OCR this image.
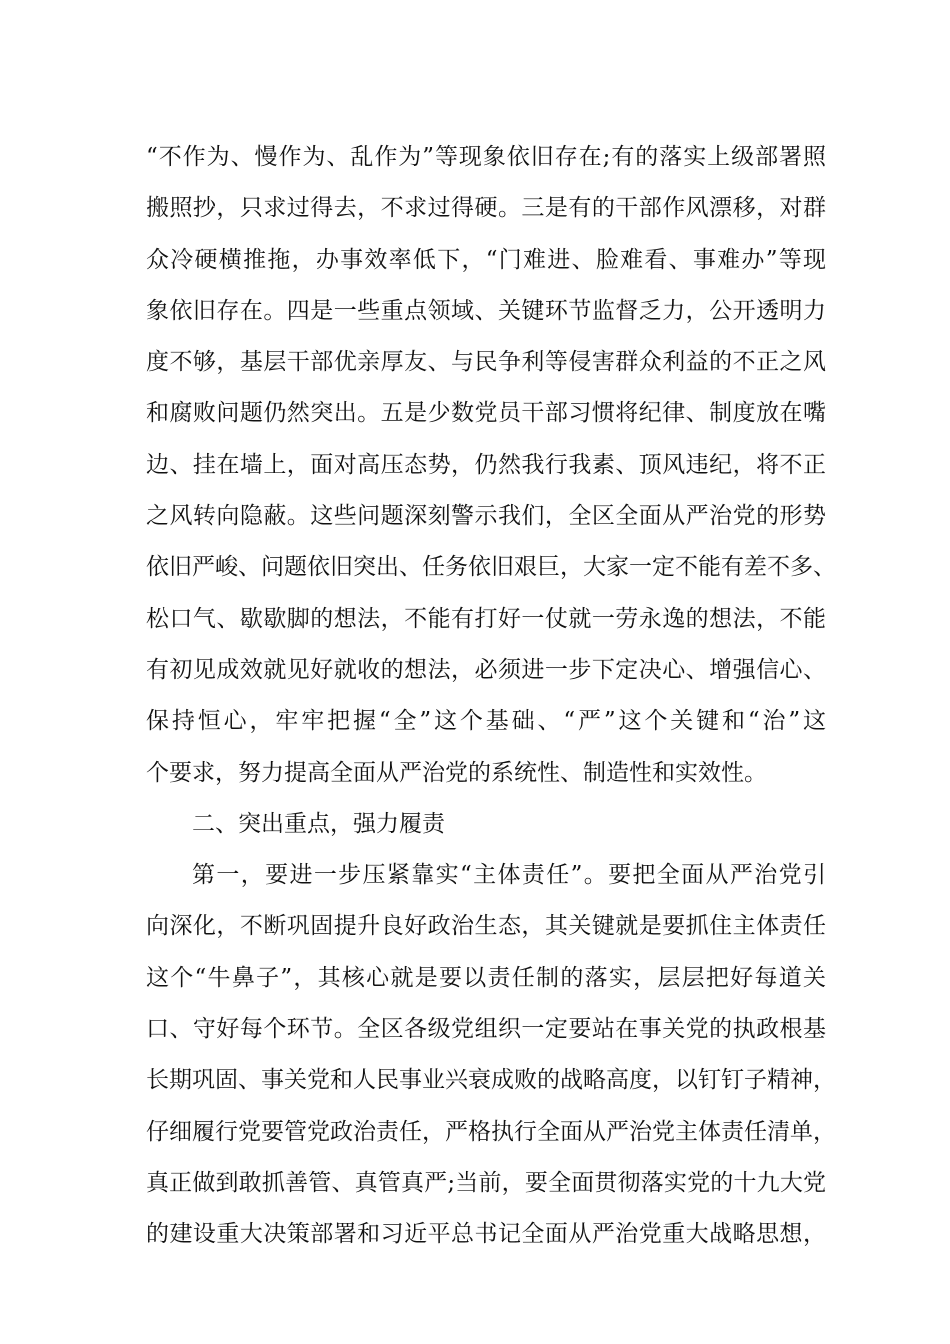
“不作为、慢作为、乱作为”等现象依旧存在;有的落实上级部署照
搬照抄，只求过得去，不求过得硬。三是有的干部作风漂移，对群
众冷硬横推拖，办事效率低下，“门难进、脸难看、事难办”等现
象依旧存在。四是一些重点领域、关键环节监督乏力，公开透明力
度不够，基层干部优亲厚友、与民争利等侵害群众利益的不正之风
和腐败问题仍然突出。五是少数党员干部习惯将纪律、制度放在嘴
边、挂在墙上，面对高压态势，仍然我行我素、顶风违纪，将不正
之风转向隐蔽。这些问题深刻警示我们，全区全面从严治党的形势
依旧严峻、问题依旧突出、任务依旧艰巨，大家一定不能有差不多、
松口气、歇歇脚的想法，不能有打好一仗就一劳永逸的想法，不能
有初见成效就见好就收的想法，必须进一步下定决心、增强信心、
保持恒心，牢牢把握“全”这个基础、“严”这个关键和“治”这
个要求，努力提高全面从严治党的系统性、制造性和实效性。
二、突出重点，强力履责
第一，要进一步压紧靠实“主体责任”。要把全面从严治党引
向深化，不断巩固提升良好政治生态，其关键就是要抓住主体责任
这个“牛鼻子”，其核心就是要以责任制的落实，层层把好每道关
口、守好每个环节。全区各级党组织一定要站在事关党的执政根基
长期巩固、事关党和人民事业兴衰成败的战略高度，以钉钉子精神，
仔细履行党要管党政治责任，严格执行全面从严治党主体责任清单，
真正做到敢抓善管、真管真严;当前，要全面贯彻落实党的十九大党
的建设重大决策部署和习近平总书记全面从严治党重大战略思想，
